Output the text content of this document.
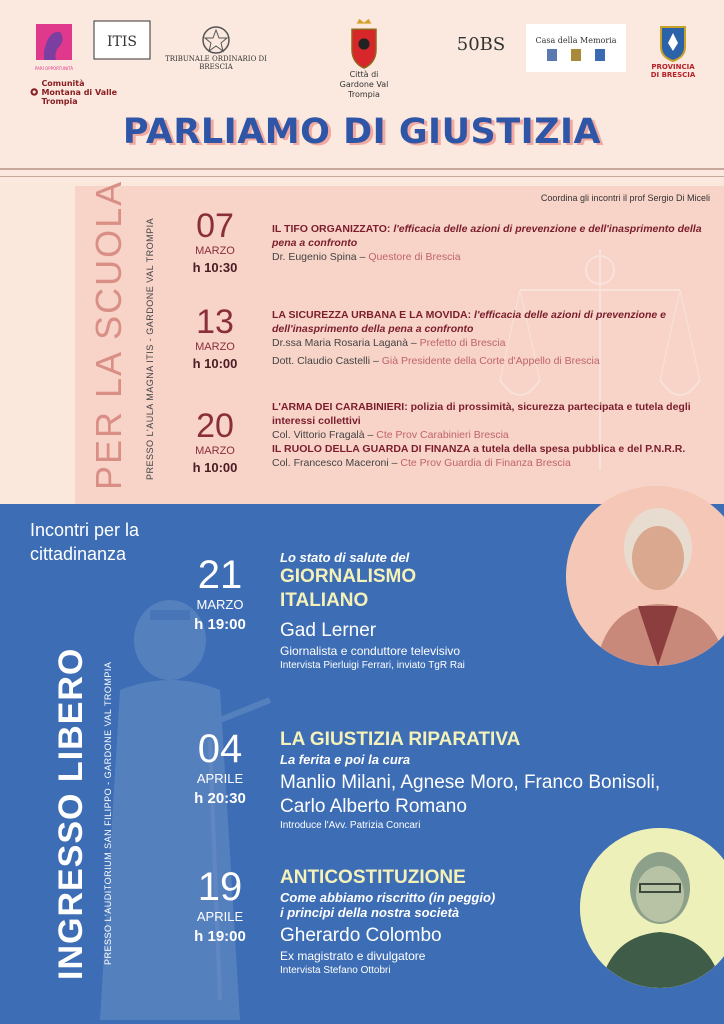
PARI OPPORTUNITÀ
ITIS
TRIBUNALE ORDINARIO DI BRESCIA
Città di Gardone Val Trompia
50BS	Casa della Memoria
PROVINCIA DI BRESCIA
Comunità Montana di Valle Trompia
PARLIAMO DI GIUSTIZIA
PER LA SCUOLA	PRESSO L'AULA MAGNA ITIS - GARDONE VAL TROMPIA
Coordina gli incontri il prof Sergio Di Miceli
07
MARZO
h 10:30
IL TIFO ORGANIZZATO: l'efficacia delle azioni di prevenzione e dell'inasprimento della pena a confronto
Dr. Eugenio Spina – Questore di Brescia
13
MARZO
h 10:00
LA SICUREZZA URBANA E LA MOVIDA: l'efficacia delle azioni di prevenzione e dell'inasprimento della pena a confronto
Dr.ssa Maria Rosaria Laganà – Prefetto di Brescia
Dott. Claudio Castelli – Già Presidente della Corte d'Appello di Brescia
20
MARZO
h 10:00
L'ARMA DEI CARABINIERI: polizia di prossimità, sicurezza partecipata e tutela degli interessi collettivi
Col. Vittorio Fragalà – Cte Prov Carabinieri Brescia
IL RUOLO DELLA GUARDA DI FINANZA a tutela della spesa pubblica e del P.N.R.R.
Col. Francesco Maceroni – Cte Prov Guardia di Finanza Brescia
Incontri per la
cittadinanza
INGRESSO LIBERO	PRESSO L'AUDITORIUM SAN FILIPPO - GARDONE VAL TROMPIA
21
MARZO
h 19:00
Lo stato di salute del
GIORNALISMO
ITALIANO
Gad Lerner
Giornalista e conduttore televisivo
Intervista Pierluigi Ferrari, inviato TgR Rai
04
APRILE
h 20:30
LA GIUSTIZIA RIPARATIVA
La ferita e poi la cura
Manlio Milani, Agnese Moro, Franco Bonisoli,
Carlo Alberto Romano
Introduce l'Avv. Patrizia Concari
19
APRILE
h 19:00
ANTICOSTITUZIONE
Come abbiamo riscritto (in peggio)
i principi della nostra società
Gherardo Colombo
Ex magistrato e divulgatore
Intervista Stefano Ottobri
